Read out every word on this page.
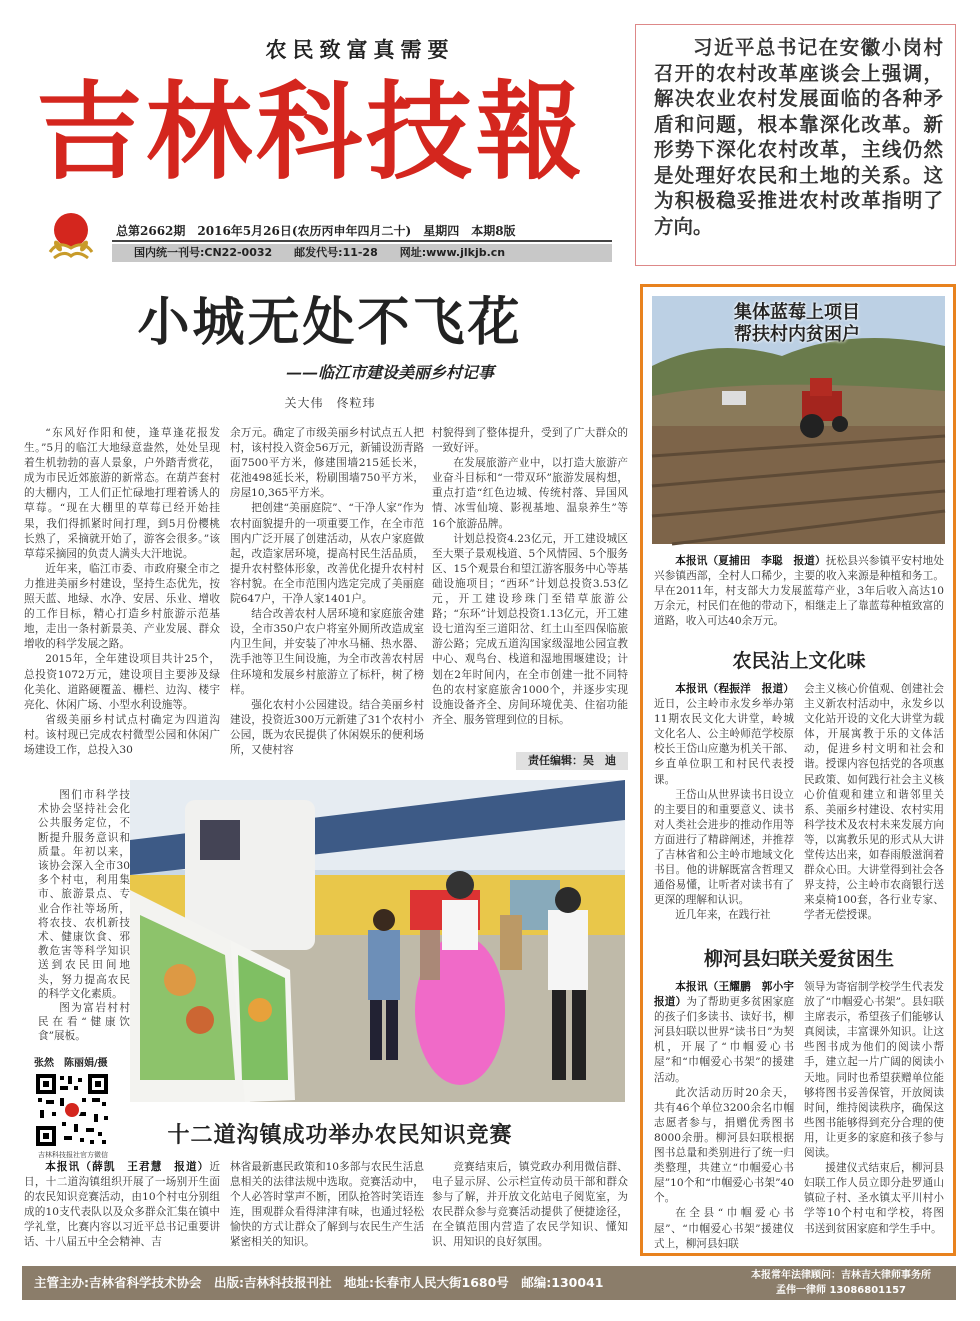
农民致富真需要
吉林科技報
总第2662期　2016年5月26日(农历丙申年四月二十)　星期四　本期8版
国内统一刊号:CN22-0032　　邮发代号:11-28　　网址:www.jlkjb.cn
习近平总书记在安徽小岗村召开的农村改革座谈会上强调，解决农业农村发展面临的各种矛盾和问题，根本靠深化改革。新形势下深化农村改革，主线仍然是处理好农民和土地的关系。这为积极稳妥推进农村改革指明了方向。
小城无处不飞花
——临江市建设美丽乡村记事
关大伟　佟粒玮

“东风好作阳和使，逢草逢花报发生。”5月的临江大地绿意盎然，处处呈现着生机勃勃的喜人景象，户外踏青赏花，成为市民近郊旅游的新常态。在葫芦套村的大棚内，工人们正忙碌地打理着诱人的草莓。“现在大棚里的草莓已经开始挂果，我们得抓紧时间打理，到5月份樱桃长熟了，采摘就开始了，游客会很多。”该草莓采摘园的负责人满头大汗地说。

近年来，临江市委、市政府聚全市之力推进美丽乡村建设，坚持生态优先，按照天蓝、地绿、水净、安居、乐业、增收的工作目标，精心打造乡村旅游示范基地，走出一条村新景美、产业发展、群众增收的科学发展之路。

2015年，全年建设项目共计25个，总投资1072万元，建设项目主要涉及绿化美化、道路硬覆盖、栅栏、边沟、楼宇亮化、休闲广场、小型水利设施等。

省级美丽乡村试点村确定为四道沟村。该村现已完成农村微型公园和休闲广场建设工作，总投入30

余万元。确定了市级美丽乡村试点五人把村，该村投入资金56万元，新铺设沥青路面7500平方米，修建围墙215延长米，花池498延长米，粉刷围墙750平方米，房屋10,365平方米。

把创建“美丽庭院”、“干净人家”作为农村面貌提升的一项重要工作，在全市范围内广泛开展了创建活动，从农户家庭做起，改造家居环境，提高村民生活品质，提升农村整体形象，改善优化提升农村村容村貌。在全市范围内选定完成了美丽庭院647户，干净人家1401户。

结合改善农村人居环境和家庭旅舍建设，全市350户农户将室外厕所改造成室内卫生间，并安装了冲水马桶、热水器、洗手池等卫生间设施，为全市改善农村居住环境和发展乡村旅游立了标杆，树了榜样。

强化农村小公园建设。结合美丽乡村建设，投资近300万元新建了31个农村小公园，既为农民提供了休闲娱乐的便利场所，又使村容

村貌得到了整体提升，受到了广大群众的一致好评。

在发展旅游产业中，以打造大旅游产业奋斗目标和“一带双环”旅游发展构想，重点打造“红色边城、传统村落、异国风情、冰雪仙境、影视基地、温泉养生”等16个旅游品牌。

计划总投资4.23亿元，开工建设城区至大栗子景观栈道、5个风情园、5个服务区、15个观景台和望江游客服务中心等基础设施项目；“西环”计划总投资3.53亿元，开工建设珍珠门至错草旅游公路；“东环”计划总投资1.13亿元，开工建设七道沟至三道阳岔、红土山至四保临旅游公路；完成五道沟国家级湿地公园宣教中心、观鸟台、栈道和湿地围堰建设；计划在2年时间内，在全市创建一批不同特色的农村家庭旅舍1000个，并逐步实现设施设备齐全、房间环境优美、住宿功能齐全、服务管理到位的目标。

责任编辑：吴　迪

图们市科学技术协会坚持社会化公共服务定位，不断提升服务意识和质量。年初以来，该协会深入全市30多个村屯，利用集市、旅游景点、专业合作社等场所，将农技、农机新技术、健康饮食、邪教危害等科学知识送到农民田间地头，努力提高农民的科学文化素质。

图为富岩村村民在看“健康饮食”展板。

张然　陈丽娟/摄
吉林科技报社官方微信
十二道沟镇成功举办农民知识竞赛

本报讯（薛凯　王君慧　报道）近日，十二道沟镇组织开展了一场别开生面的农民知识竞赛活动，由10个村屯分别组成的10支代表队以及众多群众汇集在镇中学礼堂，比赛内容以习近平总书记重要讲话、十八届五中全会精神、吉

林省最新惠民政策和10多部与农民生活息息相关的法律法规中选取。竞赛活动中，个人必答时掌声不断，团队抢答时笑语连连，围观群众看得津津有味，也通过轻松愉快的方式让群众了解到与农民生产生活紧密相关的知识。

竞赛结束后，镇党政办利用微信群、电子显示屏、公示栏宣传动员干部和群众参与了解，并开放文化站电子阅览室，为农民群众参与竞赛活动提供了便捷途径，在全镇范围内营造了农民学知识、懂知识、用知识的良好氛围。

集体蓝莓上项目
帮扶村内贫困户

本报讯（夏捕田　李聪　报道）抚松县兴参镇平安村地处兴参镇西部，全村人口稀少，主要的收入来源是种植和务工。早在2011年，村支部大力发展蓝莓产业，3年后收入高达10万余元，村民们在他的带动下，相继走上了靠蓝莓种植致富的道路，收入可达40余万元。

农民沾上文化味

本报讯（程振洋　报道）近日，公主岭市永发乡举办第11期农民文化大讲堂，岭城文化名人、公主岭师范学校原校长王岱山应邀为机关干部、乡直单位职工和村民代表授课。

王岱山从世界读书日设立的主要目的和重要意义、读书对人类社会进步的推动作用等方面进行了精辟阐述，并推荐了吉林省和公主岭市地域文化书目。他的讲解既富含哲理又通俗易懂，让听者对读书有了更深的理解和认识。

近几年来，在践行社

会主义核心价值观、创建社会主义新农村活动中，永发乡以文化站开设的文化大讲堂为载体，开展寓教于乐的文体活动，促进乡村文明和社会和谐。授课内容包括党的各项惠民政策、如何践行社会主义核心价值观和建立和谐邻里关系、美丽乡村建设、农村实用科学技术及农村未来发展方向等，以寓教乐见的形式从大讲堂传达出来，如春雨般滋润着群众心田。大讲堂得到社会各界支持，公主岭市农商银行送来桌椅100套，各行业专家、学者无偿授课。

柳河县妇联关爱贫困生

本报讯（王耀鹏　郭小宇　报道）为了帮助更多贫困家庭的孩子们多读书、读好书，柳河县妇联以世界“读书日”为契机，开展了“巾帼爱心书屋”和“巾帼爱心书架”的援建活动。

此次活动历时20余天，共有46个单位3200余名巾帼志愿者参与，捐赠优秀图书8000余册。柳河县妇联根据图书总量和类别进行了统一归类整理，共建立“巾帼爱心书屋”10个和“巾帼爱心书架”40个。

在全县“巾帼爱心书屋”、“巾帼爱心书架”援建仪式上，柳河县妇联

领导为寄宿制学校学生代表发放了“巾帼爱心书架”。县妇联主席表示，希望孩子们能够认真阅读，丰富课外知识。让这些图书成为他们的阅读小帮手，建立起一片广阔的阅读小天地。同时也希望获赠单位能够将图书妥善保管，开放阅读时间，维持阅读秩序，确保这些图书能够得到充分合理的使用，让更多的家庭和孩子参与阅读。

援建仪式结束后，柳河县妇联工作人员立即分赴罗通山镇砬子村、圣水镇太平川村小学等10个村屯和学校，将图书送到贫困家庭和学生手中。

主管主办:吉林省科学技术协会　出版:吉林科技报刊社　地址:长春市人民大街1680号　邮编:130041	本报常年法律顾问：吉林吉大律师事务所
孟伟一律师 13086801157
